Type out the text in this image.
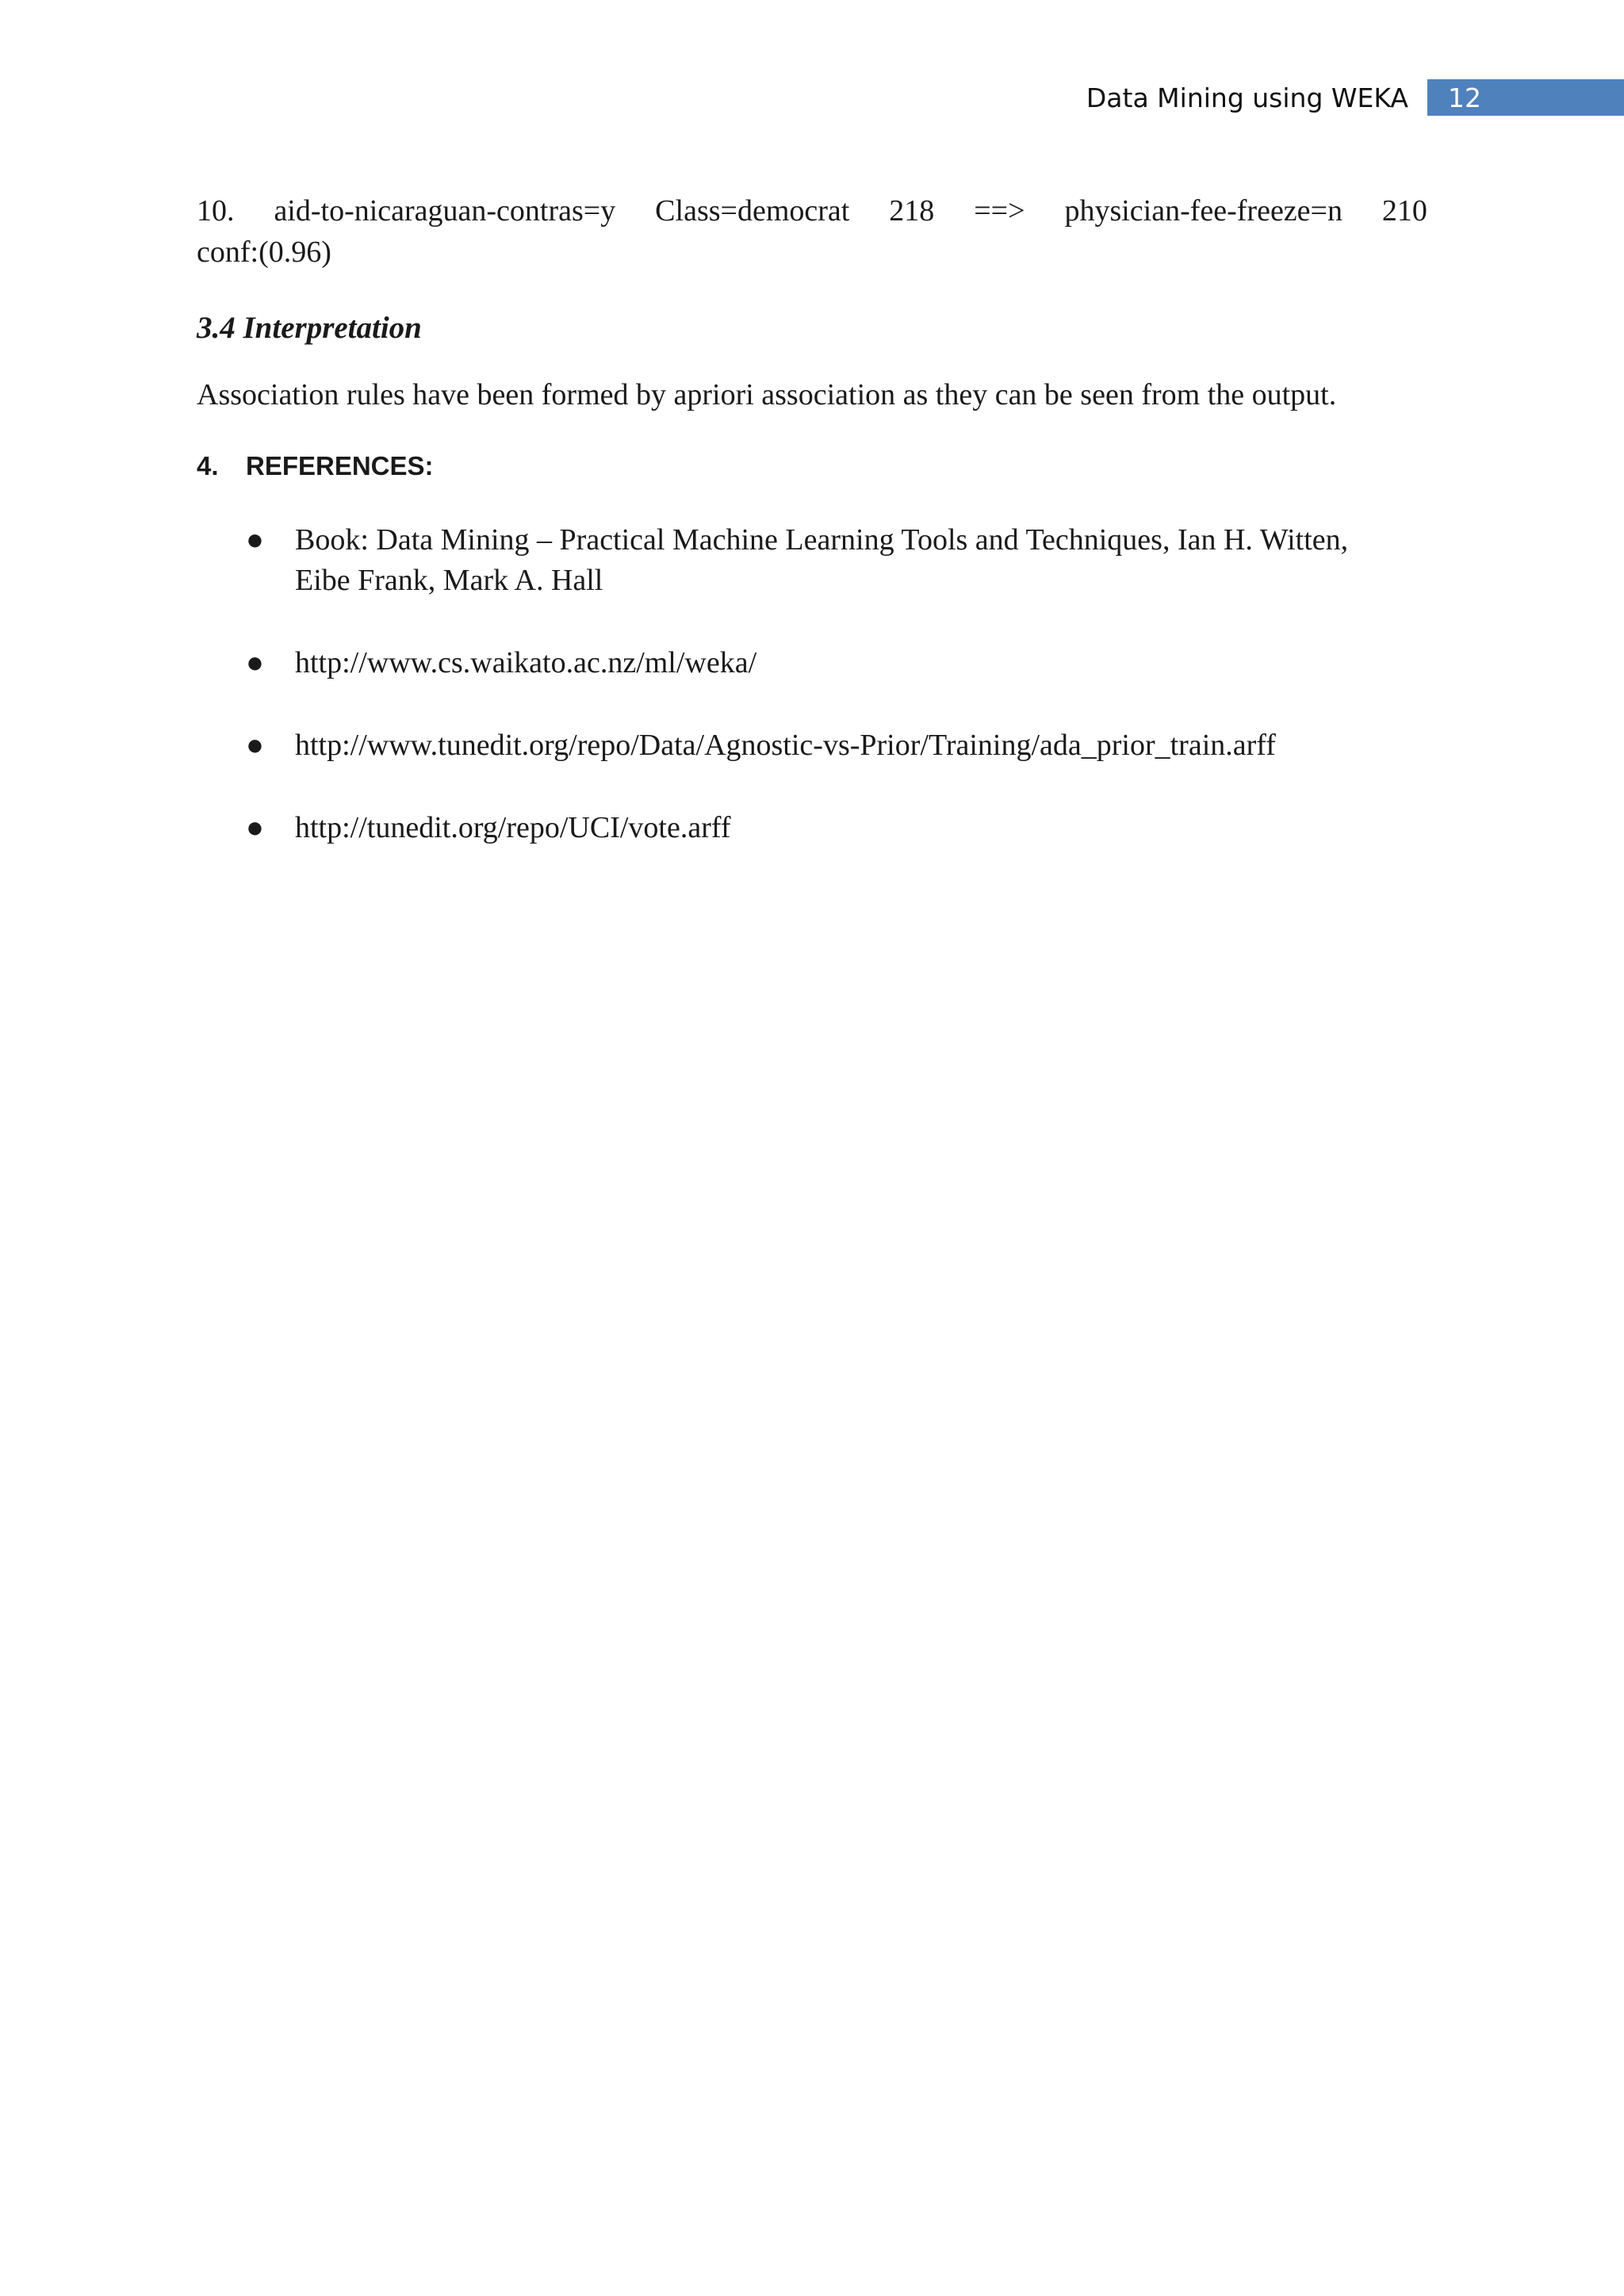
Data Mining using WEKA 12

10. aid-to-nicaraguan-contras=y Class=democrat 218 ==> physician-fee-freeze=n 210

conf:(0.96)

3.4 Interpretation

Association rules have been formed by apriori association as they can be seen from the output.

4.	REFERENCES:
● Book: Data Mining – Practical Machine Learning Tools and Techniques, Ian H. Witten,
Eibe Frank, Mark A. Hall
● http://www.cs.waikato.ac.nz/ml/weka/
● http://www.tunedit.org/repo/Data/Agnostic-vs-Prior/Training/ada_prior_train.arff
● http://tunedit.org/repo/UCI/vote.arff
